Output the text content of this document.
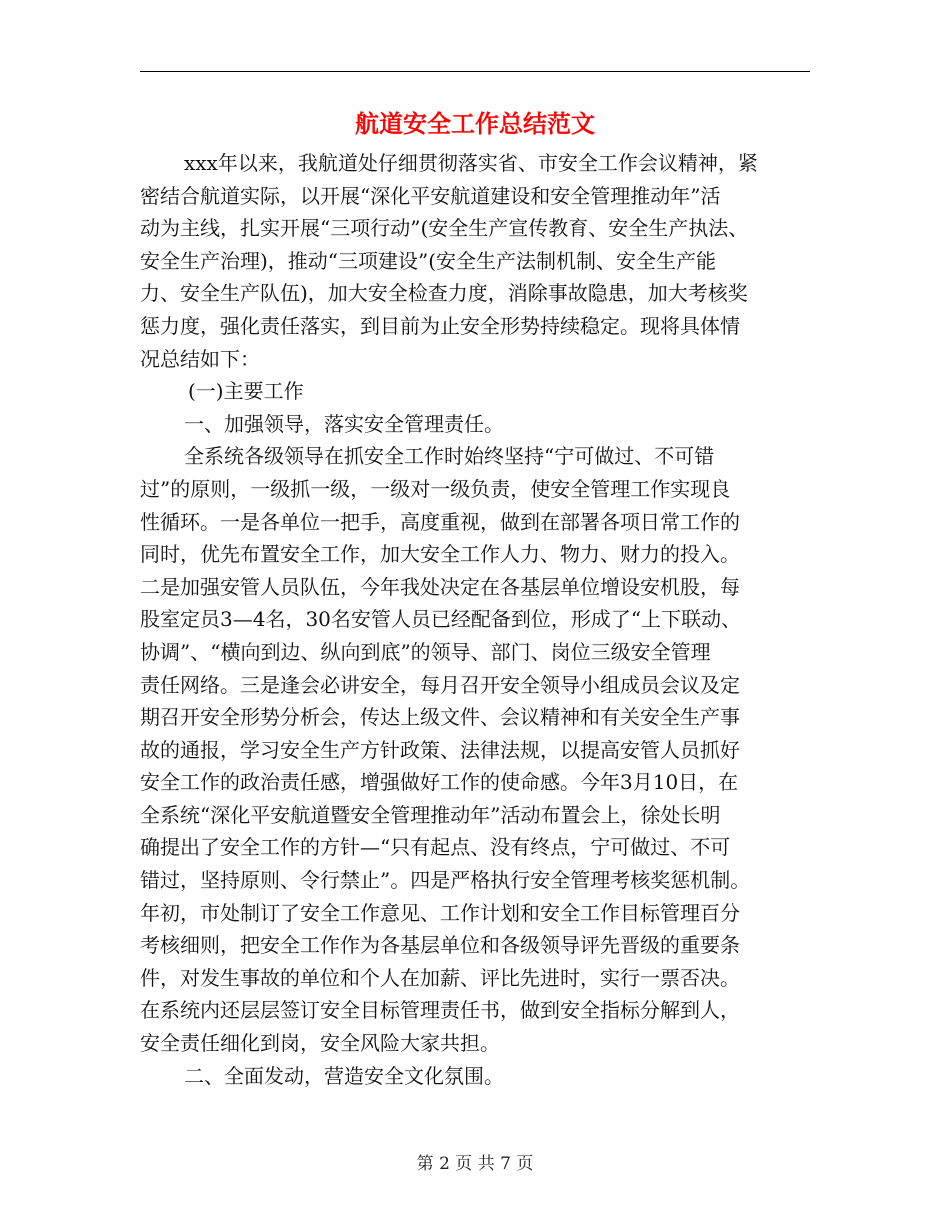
航道安全工作总结范文
xxx年以来，我航道处仔细贯彻落实省、市安全工作会议精神，紧
密结合航道实际，以开展“深化平安航道建设和安全管理推动年”活
动为主线，扎实开展“三项行动”(安全生产宣传教育、安全生产执法、
安全生产治理)，推动“三项建设”(安全生产法制机制、安全生产能
力、安全生产队伍)，加大安全检查力度，消除事故隐患，加大考核奖
惩力度，强化责任落实，到目前为止安全形势持续稳定。现将具体情
况总结如下：
(一)主要工作
一、加强领导，落实安全管理责任。
全系统各级领导在抓安全工作时始终坚持“宁可做过、不可错
过”的原则，一级抓一级，一级对一级负责，使安全管理工作实现良
性循环。一是各单位一把手，高度重视，做到在部署各项日常工作的
同时，优先布置安全工作，加大安全工作人力、物力、财力的投入。
二是加强安管人员队伍，今年我处决定在各基层单位增设安机股，每
股室定员3—4名，30名安管人员已经配备到位，形成了“上下联动、
协调”、“横向到边、纵向到底”的领导、部门、岗位三级安全管理
责任网络。三是逢会必讲安全，每月召开安全领导小组成员会议及定
期召开安全形势分析会，传达上级文件、会议精神和有关安全生产事
故的通报，学习安全生产方针政策、法律法规，以提高安管人员抓好
安全工作的政治责任感，增强做好工作的使命感。今年3月10日，在
全系统“深化平安航道暨安全管理推动年”活动布置会上，徐处长明
确提出了安全工作的方针—“只有起点、没有终点，宁可做过、不可
错过，坚持原则、令行禁止”。四是严格执行安全管理考核奖惩机制。
年初，市处制订了安全工作意见、工作计划和安全工作目标管理百分
考核细则，把安全工作作为各基层单位和各级领导评先晋级的重要条
件，对发生事故的单位和个人在加薪、评比先进时，实行一票否决。
在系统内还层层签订安全目标管理责任书，做到安全指标分解到人，
安全责任细化到岗，安全风险大家共担。
二、全面发动，营造安全文化氛围。
第 2 页 共 7 页
